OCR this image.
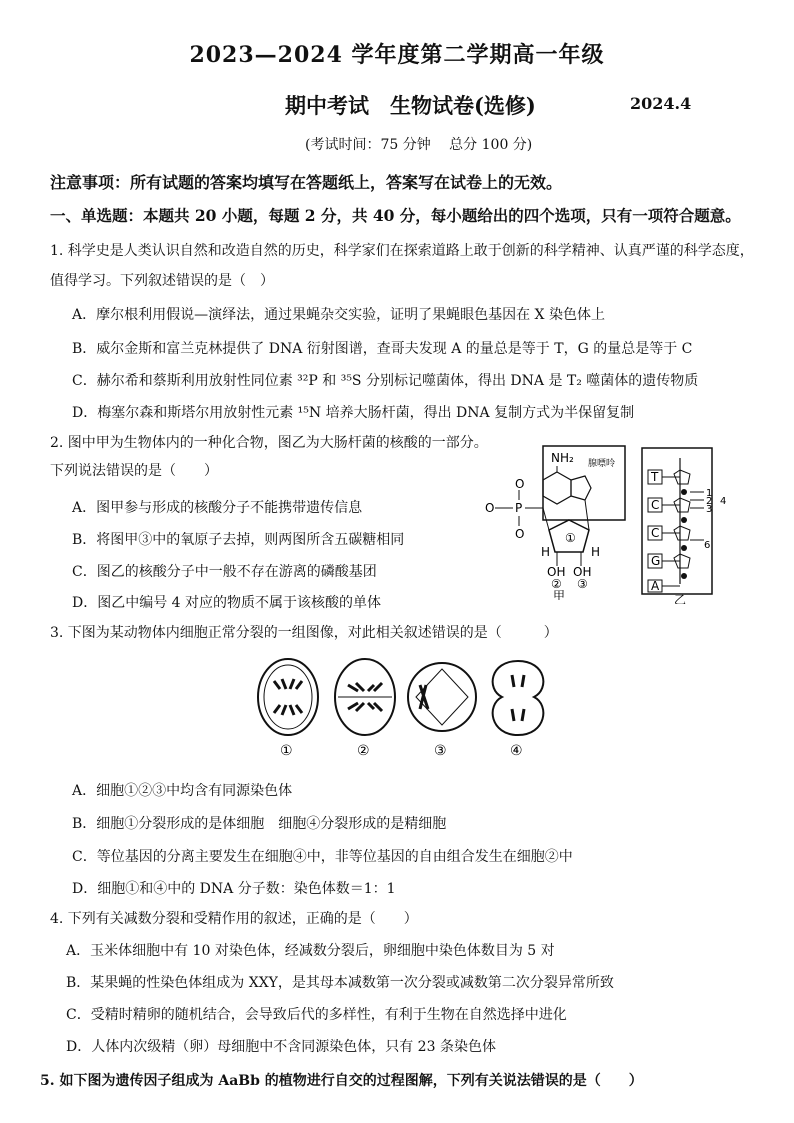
2023—2024 学年度第二学期高一年级
期中考试　生物试卷(选修)	2024.4
(考试时间：75 分钟　 总分 100 分)
注意事项：所有试题的答案均填写在答题纸上，答案写在试卷上的无效。
一、单选题：本题共 20 小题，每题 2 分，共 40 分，每小题给出的四个选项，只有一项符合题意。
1. 科学史是人类认识自然和改造自然的历史，科学家们在探索道路上敢于创新的科学精神、认真严谨的科学态度，
值得学习。下列叙述错误的是（　）
A．摩尔根利用假说—演绎法，通过果蝇杂交实验，证明了果蝇眼色基因在 X 染色体上
B．威尔金斯和富兰克林提供了 DNA 衍射图谱，查哥夫发现 A 的量总是等于 T，G 的量总是等于 C
C．赫尔希和蔡斯利用放射性同位素 ³²P 和 ³⁵S 分别标记噬菌体，得出 DNA 是 T₂ 噬菌体的遗传物质
D．梅塞尔森和斯塔尔用放射性元素 ¹⁵N 培养大肠杆菌，得出 DNA 复制方式为半保留复制
2. 图中甲为生物体内的一种化合物，图乙为大肠杆菌的核酸的一部分。
下列说法错误的是（　　）
A．图甲参与形成的核酸分子不能携带遗传信息
B．将图甲③中的氧原子去掉，则两图所含五碳糖相同
C．图乙的核酸分子中一般不存在游离的磷酸基团
D．图乙中编号 4 对应的物质不属于该核酸的单体
NH₂ 腺嘌呤
O P
O
O	①
H	H
OH OH
② ③
甲
T
C
C
G
A
1
2
3
4
6
乙
3. 下图为某动物体内细胞正常分裂的一组图像，对此相关叙述错误的是（　　　）
①	②	③	④
A．细胞①②③中均含有同源染色体
B．细胞①分裂形成的是体细胞　细胞④分裂形成的是精细胞
C．等位基因的分离主要发生在细胞④中，非等位基因的自由组合发生在细胞②中
D．细胞①和④中的 DNA 分子数：染色体数＝1：1
4. 下列有关减数分裂和受精作用的叙述，正确的是（　　）
A．玉米体细胞中有 10 对染色体，经减数分裂后，卵细胞中染色体数目为 5 对
B．某果蝇的性染色体组成为 XXY，是其母本减数第一次分裂或减数第二次分裂异常所致
C．受精时精卵的随机结合，会导致后代的多样性，有利于生物在自然选择中进化
D．人体内次级精（卵）母细胞中不含同源染色体，只有 23 条染色体
5. 如下图为遗传因子组成为 AaBb 的植物进行自交的过程图解，下列有关说法错误的是（　　）
